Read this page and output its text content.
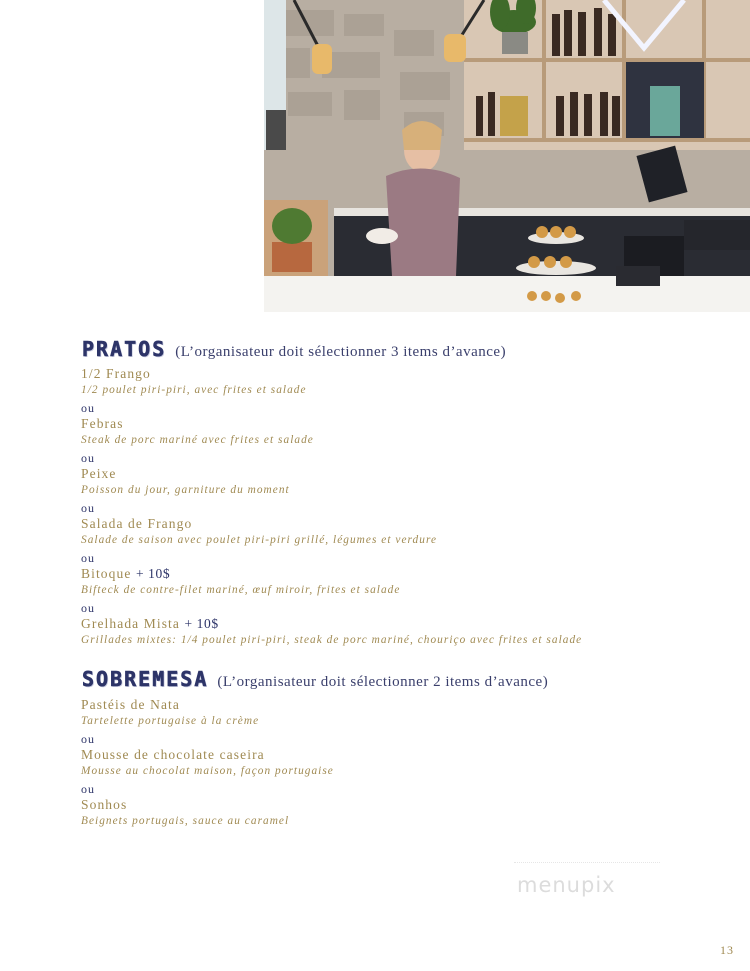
PRATOS (L’organisateur doit sélectionner 3 items d’avance)
1/2 Frango
1/2 poulet piri-piri, avec frites et salade
ou
Febras
Steak de porc mariné avec frites et salade
ou
Peixe
Poisson du jour, garniture du moment
ou
Salada de Frango
Salade de saison avec poulet piri-piri grillé, légumes et verdure
ou
Bitoque + 10$
Bifteck de contre-filet mariné, œuf miroir, frites et salade
ou
Grelhada Mista + 10$
Grillades mixtes: 1/4 poulet piri-piri, steak de porc mariné, chouriço avec frites et salade
SOBREMESA (L’organisateur doit sélectionner 2 items d’avance)
Pastéis de Nata
Tartelette portugaise à la crème
ou
Mousse de chocolate caseira
Mousse au chocolat maison, façon portugaise
ou
Sonhos
Beignets portugais, sauce au caramel
menupix
13
